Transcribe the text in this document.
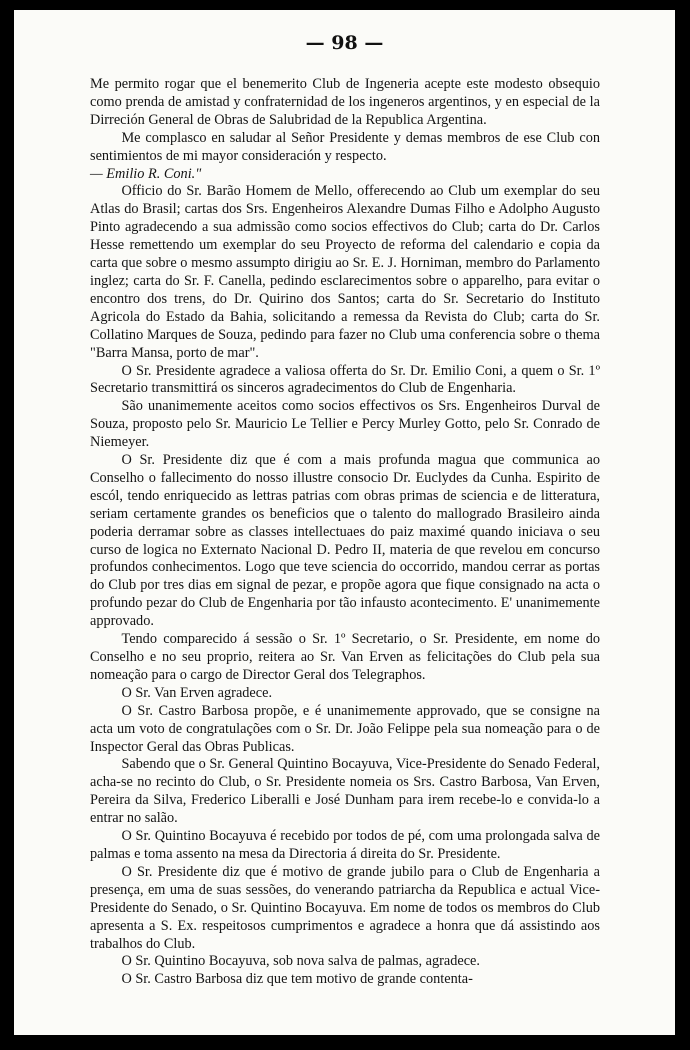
— 98 —

Me permito rogar que el benemerito Club de Ingeneria acepte este modesto obsequio como prenda de amistad y confraternidad de los ingeneros argentinos, y en especial de la Dirreción General de Obras de Salubridad de la Republica Argentina.

Me complasco en saludar al Señor Presidente y demas membros de ese Club con sentimientos de mi mayor consideración y respecto.

— Emilio R. Coni."

Officio do Sr. Barão Homem de Mello, offerecendo ao Club um exemplar do seu Atlas do Brasil; cartas dos Srs. Engenheiros Alexandre Dumas Filho e Adolpho Augusto Pinto agradecendo a sua admissão como socios effectivos do Club; carta do Dr. Carlos Hesse remettendo um exemplar do seu Proyecto de reforma del calendario e copia da carta que sobre o mesmo assumpto dirigiu ao Sr. E. J. Horniman, membro do Parlamento inglez; carta do Sr. F. Canella, pedindo esclarecimentos sobre o apparelho, para evitar o encontro dos trens, do Dr. Quirino dos Santos; carta do Sr. Secretario do Instituto Agricola do Estado da Bahia, solicitando a remessa da Revista do Club; carta do Sr. Collatino Marques de Souza, pedindo para fazer no Club uma conferencia sobre o thema "Barra Mansa, porto de mar".

O Sr. Presidente agradece a valiosa offerta do Sr. Dr. Emilio Coni, a quem o Sr. 1º Secretario transmittirá os sinceros agradecimentos do Club de Engenharia.

São unanimemente aceitos como socios effectivos os Srs. Engenheiros Durval de Souza, proposto pelo Sr. Mauricio Le Tellier e Percy Murley Gotto, pelo Sr. Conrado de Niemeyer.

O Sr. Presidente diz que é com a mais profunda magua que communica ao Conselho o fallecimento do nosso illustre consocio Dr. Euclydes da Cunha. Espirito de escól, tendo enriquecido as lettras patrias com obras primas de sciencia e de litteratura, seriam certamente grandes os beneficios que o talento do mallogrado Brasileiro ainda poderia derramar sobre as classes intellectuaes do paiz maximé quando iniciava o seu curso de logica no Externato Nacional D. Pedro II, materia de que revelou em concurso profundos conhecimentos. Logo que teve sciencia do occorrido, mandou cerrar as portas do Club por tres dias em signal de pezar, e propõe agora que fique consignado na acta o profundo pezar do Club de Engenharia por tão infausto acontecimento. E' unanimemente approvado.

Tendo comparecido á sessão o Sr. 1º Secretario, o Sr. Presidente, em nome do Conselho e no seu proprio, reitera ao Sr. Van Erven as felicitações do Club pela sua nomeação para o cargo de Director Geral dos Telegraphos.

O Sr. Van Erven agradece.

O Sr. Castro Barbosa propõe, e é unanimemente approvado, que se consigne na acta um voto de congratulações com o Sr. Dr. João Felippe pela sua nomeação para o de Inspector Geral das Obras Publicas.

Sabendo que o Sr. General Quintino Bocayuva, Vice-Presidente do Senado Federal, acha-se no recinto do Club, o Sr. Presidente nomeia os Srs. Castro Barbosa, Van Erven, Pereira da Silva, Frederico Liberalli e José Dunham para irem recebe-lo e convida-lo a entrar no salão.

O Sr. Quintino Bocayuva é recebido por todos de pé, com uma prolongada salva de palmas e toma assento na mesa da Directoria á direita do Sr. Presidente.

O Sr. Presidente diz que é motivo de grande jubilo para o Club de Engenharia a presença, em uma de suas sessões, do venerando patriarcha da Republica e actual Vice-Presidente do Senado, o Sr. Quintino Bocayuva. Em nome de todos os membros do Club apresenta a S. Ex. respeitosos cumprimentos e agradece a honra que dá assistindo aos trabalhos do Club.

O Sr. Quintino Bocayuva, sob nova salva de palmas, agradece.

O Sr. Castro Barbosa diz que tem motivo de grande contenta-
